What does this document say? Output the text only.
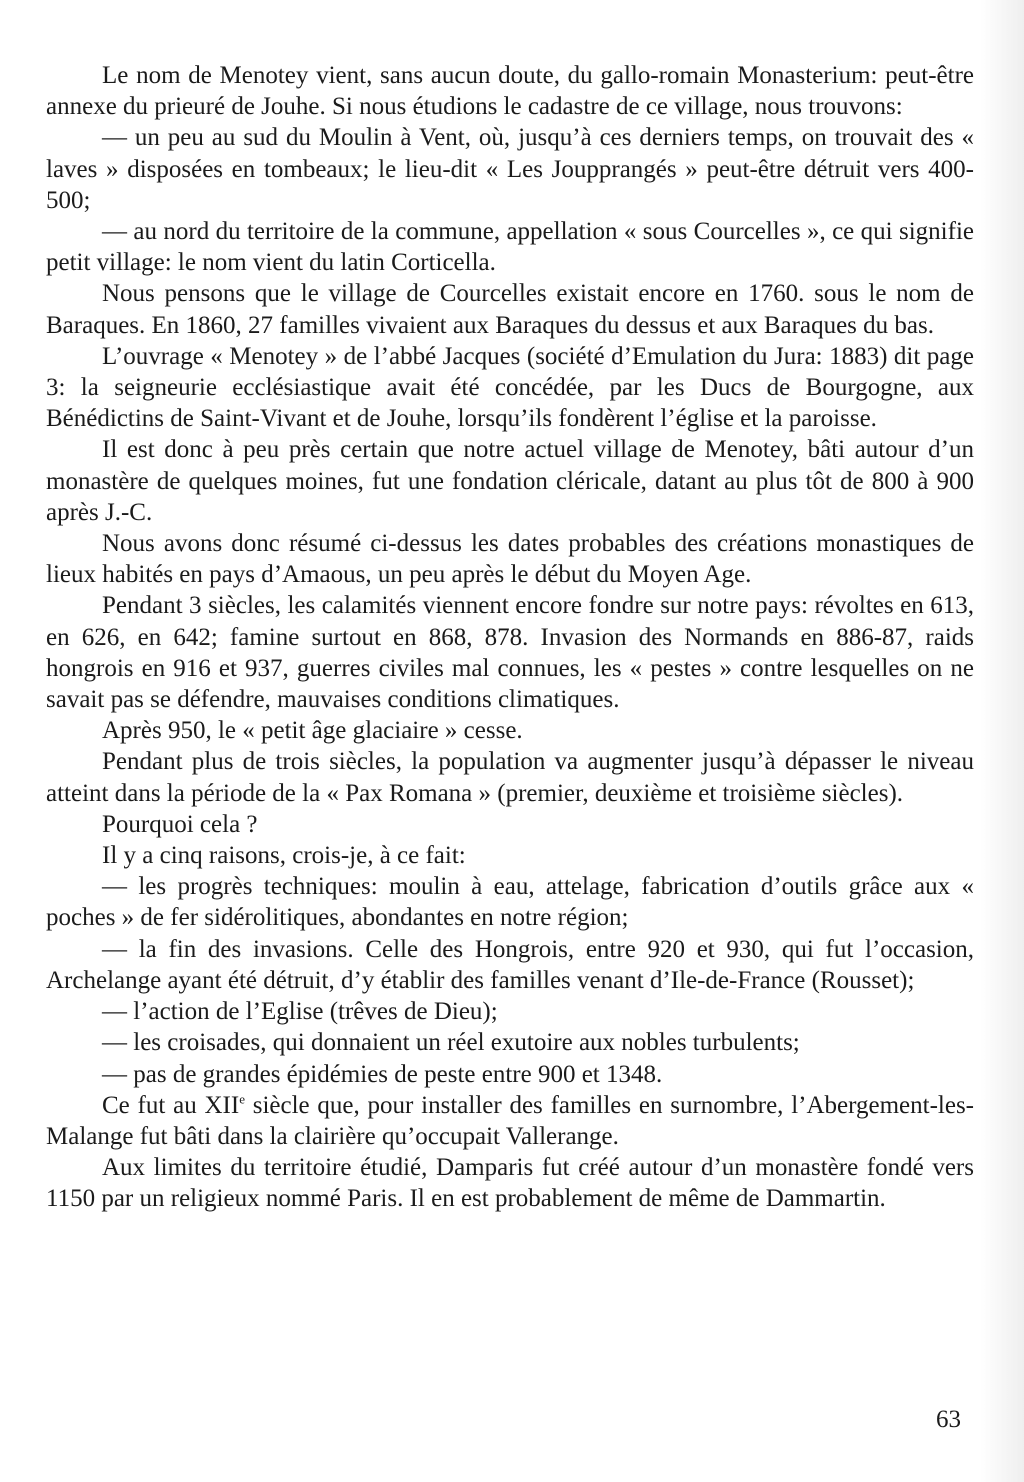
Le nom de Menotey vient, sans aucun doute, du gallo-romain Monasterium: peut-être annexe du prieuré de Jouhe. Si nous étudions le cadastre de ce village, nous trouvons:

— un peu au sud du Moulin à Vent, où, jusqu’à ces derniers temps, on trouvait des « laves » disposées en tombeaux; le lieu-dit « Les Joupprangés » peut-être détruit vers 400-500;

— au nord du territoire de la commune, appellation « sous Courcelles », ce qui signifie petit village: le nom vient du latin Corticella.

Nous pensons que le village de Courcelles existait encore en 1760. sous le nom de Baraques. En 1860, 27 familles vivaient aux Baraques du dessus et aux Baraques du bas.

L’ouvrage « Menotey » de l’abbé Jacques (société d’Emulation du Jura: 1883) dit page 3: la seigneurie ecclésiastique avait été concédée, par les Ducs de Bourgogne, aux Bénédictins de Saint-Vivant et de Jouhe, lorsqu’ils fondèrent l’église et la paroisse.

Il est donc à peu près certain que notre actuel village de Menotey, bâti autour d’un monastère de quelques moines, fut une fondation cléricale, datant au plus tôt de 800 à 900 après J.-C.

Nous avons donc résumé ci-dessus les dates probables des créations monastiques de lieux habités en pays d’Amaous, un peu après le début du Moyen Age.

Pendant 3 siècles, les calamités viennent encore fondre sur notre pays: révoltes en 613, en 626, en 642; famine surtout en 868, 878. Invasion des Normands en 886-87, raids hongrois en 916 et 937, guerres civiles mal connues, les « pestes » contre lesquelles on ne savait pas se défendre, mauvaises conditions climatiques.

Après 950, le « petit âge glaciaire » cesse.

Pendant plus de trois siècles, la population va augmenter jusqu’à dépasser le niveau atteint dans la période de la « Pax Romana » (premier, deuxième et troisième siècles).

Pourquoi cela ?

Il y a cinq raisons, crois-je, à ce fait:

— les progrès techniques: moulin à eau, attelage, fabrication d’outils grâce aux « poches » de fer sidérolitiques, abondantes en notre région;

— la fin des invasions. Celle des Hongrois, entre 920 et 930, qui fut l’occasion, Archelange ayant été détruit, d’y établir des familles venant d’Ile-de-France (Rousset);

— l’action de l’Eglise (trêves de Dieu);

— les croisades, qui donnaient un réel exutoire aux nobles turbulents;

— pas de grandes épidémies de peste entre 900 et 1348.

Ce fut au XIIe siècle que, pour installer des familles en surnombre, l’Abergement-les-Malange fut bâti dans la clairière qu’occupait Vallerange.

Aux limites du territoire étudié, Damparis fut créé autour d’un monastère fondé vers 1150 par un religieux nommé Paris. Il en est probablement de même de Dammartin.

63
